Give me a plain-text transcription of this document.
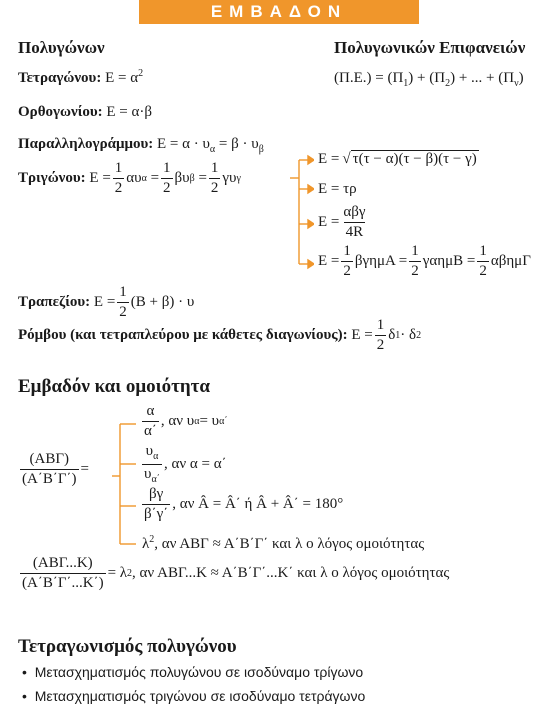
ΕΜΒΑΔΟΝ
Πολυγώνων	Πολυγωνικών Επιφανειών
Τετραγώνου: $E = \alpha^2$	$(\Pi.E.) = (\Pi_1) + (\Pi_2)$ + ... + $(\Pi_\nu)$
Ορθογωνίου: Ε = α·β
Παραλληλογράμμου: $E = \alpha \cdot \upsilon_\alpha = \beta \cdot \upsilon_\beta$
Τριγώνου:
$E = \frac{1}{2}$ αυ α
= $\frac{1}{2}$ βυ β
= $\frac{1}{2}$ γυ γ
Ε = √ τ(τ − α)(τ − β)(τ − γ)
Ε = τρ
$E = \frac{\text{αβγ}}{4R}$
$E = \frac{1}{2}$ $\beta\gamma\eta\mu A = \frac{1}{2}$ $\gamma\alpha\eta\mu B = \frac{1}{2}$ αβημΓ
Τραπεζίου:
$E = \frac{1}{2} (B + \beta) \cdot \upsilon$
Ρόμβου (και τετραπλεύρου με κάθετες διαγωνίους):
$E = \frac{1}{2}$ δ 1 · δ 2
Εμβαδόν και ομοιότητα
$\frac{\text{(ΑΒΓ)}}{(A΄B΄\Gamma΄)}$ =
$\frac{\alpha}{\alpha΄}$ , αν υ α = υ α΄
$\frac{\upsilon_\alpha}{\upsilon_{\alpha΄}}$ , αν α = α΄
$\frac{\beta\gamma}{\beta΄\gamma΄}$ , αν Â = Â΄ ή Â + Â΄ = 180°
$\lambda^2$, αν ΑΒΓ ≈ Α΄Β΄Γ΄ και λ ο λόγος ομοιότητας
$\frac{\text{(ΑΒΓ...Κ)}}{(A΄B΄\Gamma΄...K΄)} = \lambda$ 2 , αν ΑΒΓ...Κ ≈ Α΄Β΄Γ΄...Κ΄ και λ ο λόγος ομοιότητας
Τετραγωνισμός πολυγώνου
• Μετασχηματισμός πολυγώνου σε ισοδύναμο τρίγωνο
• Μετασχηματισμός τριγώνου σε ισοδύναμο τετράγωνο
